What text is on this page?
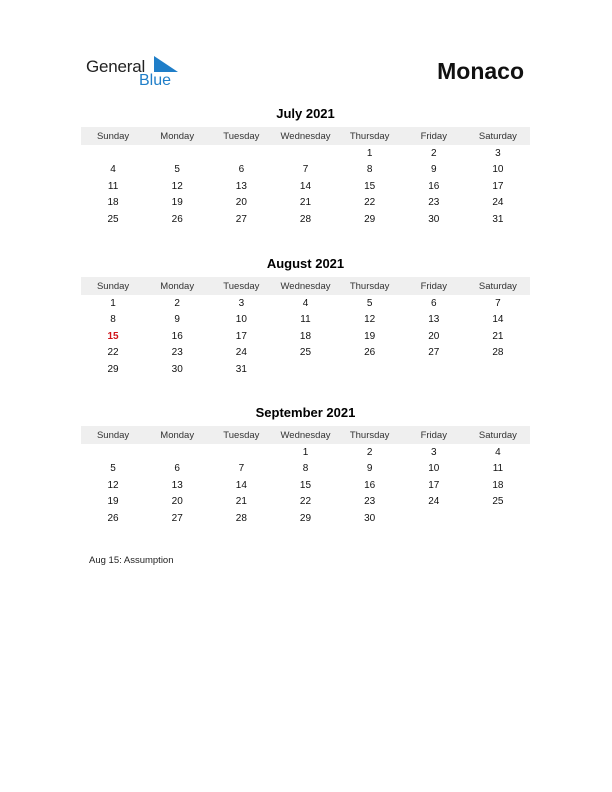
General
Blue	Monaco
July 2021
Sunday	Monday	Tuesday	Wednesday	Thursday	Friday	Saturday
				1	2	3
4	5	6	7	8	9	10
11	12	13	14	15	16	17
18	19	20	21	22	23	24
25	26	27	28	29	30	31
August 2021
Sunday	Monday	Tuesday	Wednesday	Thursday	Friday	Saturday
1	2	3	4	5	6	7
8	9	10	11	12	13	14
15	16	17	18	19	20	21
22	23	24	25	26	27	28
29	30	31				
September 2021
Sunday	Monday	Tuesday	Wednesday	Thursday	Friday	Saturday
			1	2	3	4
5	6	7	8	9	10	11
12	13	14	15	16	17	18
19	20	21	22	23	24	25
26	27	28	29	30		
Aug 15: Assumption
